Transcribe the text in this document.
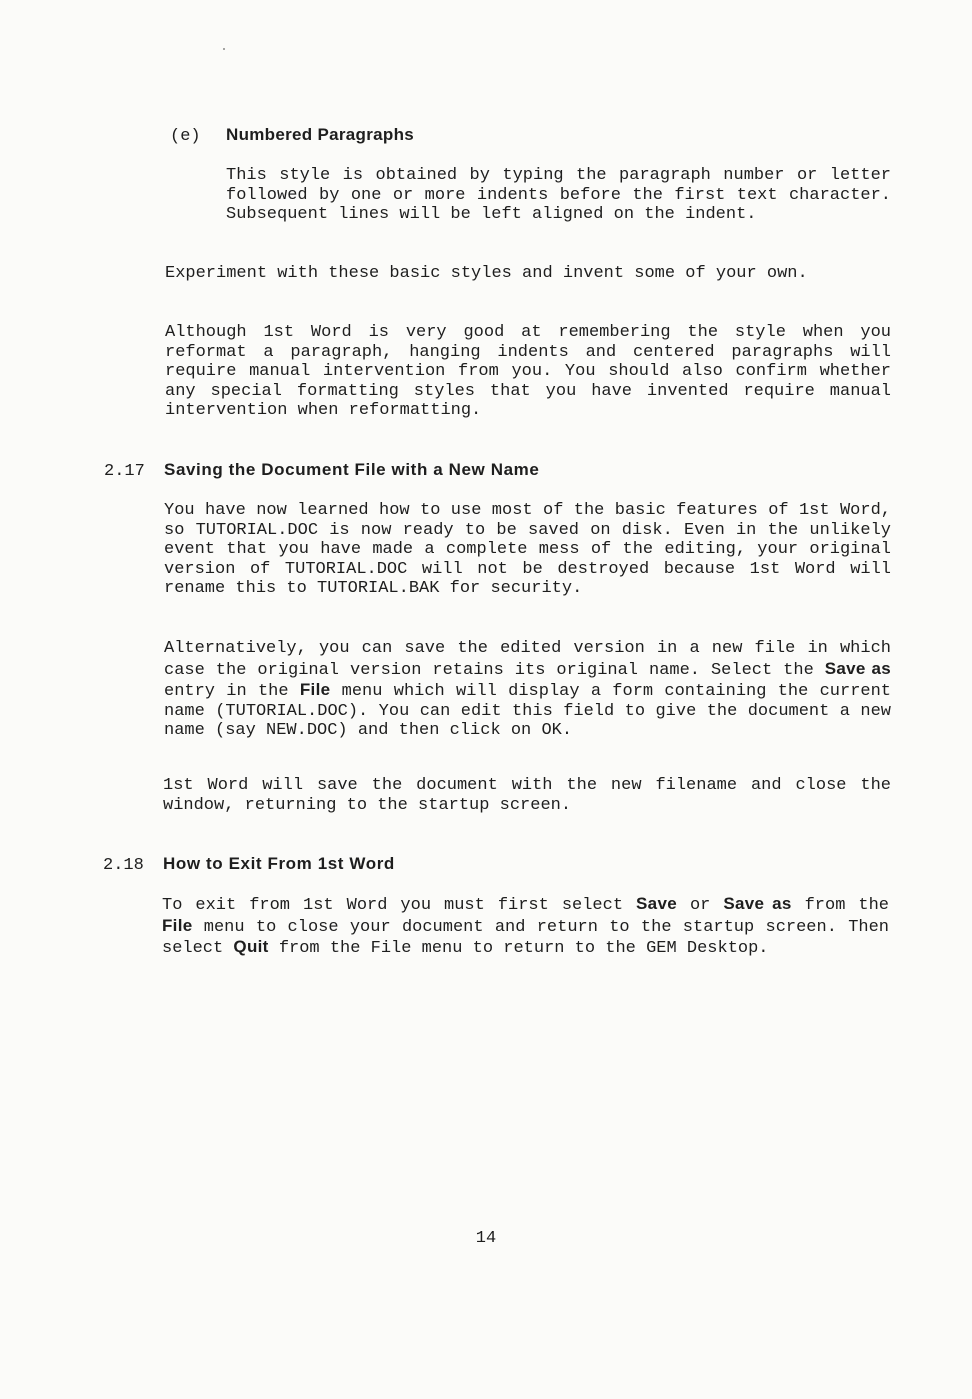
(e) Numbered Paragraphs
This style is obtained by typing the paragraph number or letter followed by one or more indents before the first text character. Subsequent lines will be left aligned on the indent.
Experiment with these basic styles and invent some of your own.
Although 1st Word is very good at remembering the style when you reformat a paragraph, hanging indents and centered paragraphs will require manual intervention from you. You should also confirm whether any special formatting styles that you have invented require manual intervention when reformatting.
2.17 Saving the Document File with a New Name
You have now learned how to use most of the basic features of 1st Word, so TUTORIAL.DOC is now ready to be saved on disk. Even in the unlikely event that you have made a complete mess of the editing, your original version of TUTORIAL.DOC will not be destroyed because 1st Word will rename this to TUTORIAL.BAK for security.
Alternatively, you can save the edited version in a new file in which case the original version retains its original name. Select the Save as entry in the File menu which will display a form containing the current name (TUTORIAL.DOC). You can edit this field to give the document a new name (say NEW.DOC) and then click on OK.
1st Word will save the document with the new filename and close the window, returning to the startup screen.
2.18 How to Exit From 1st Word
To exit from 1st Word you must first select Save or Save as from the File menu to close your document and return to the startup screen. Then select Quit from the File menu to return to the GEM Desktop.
14
